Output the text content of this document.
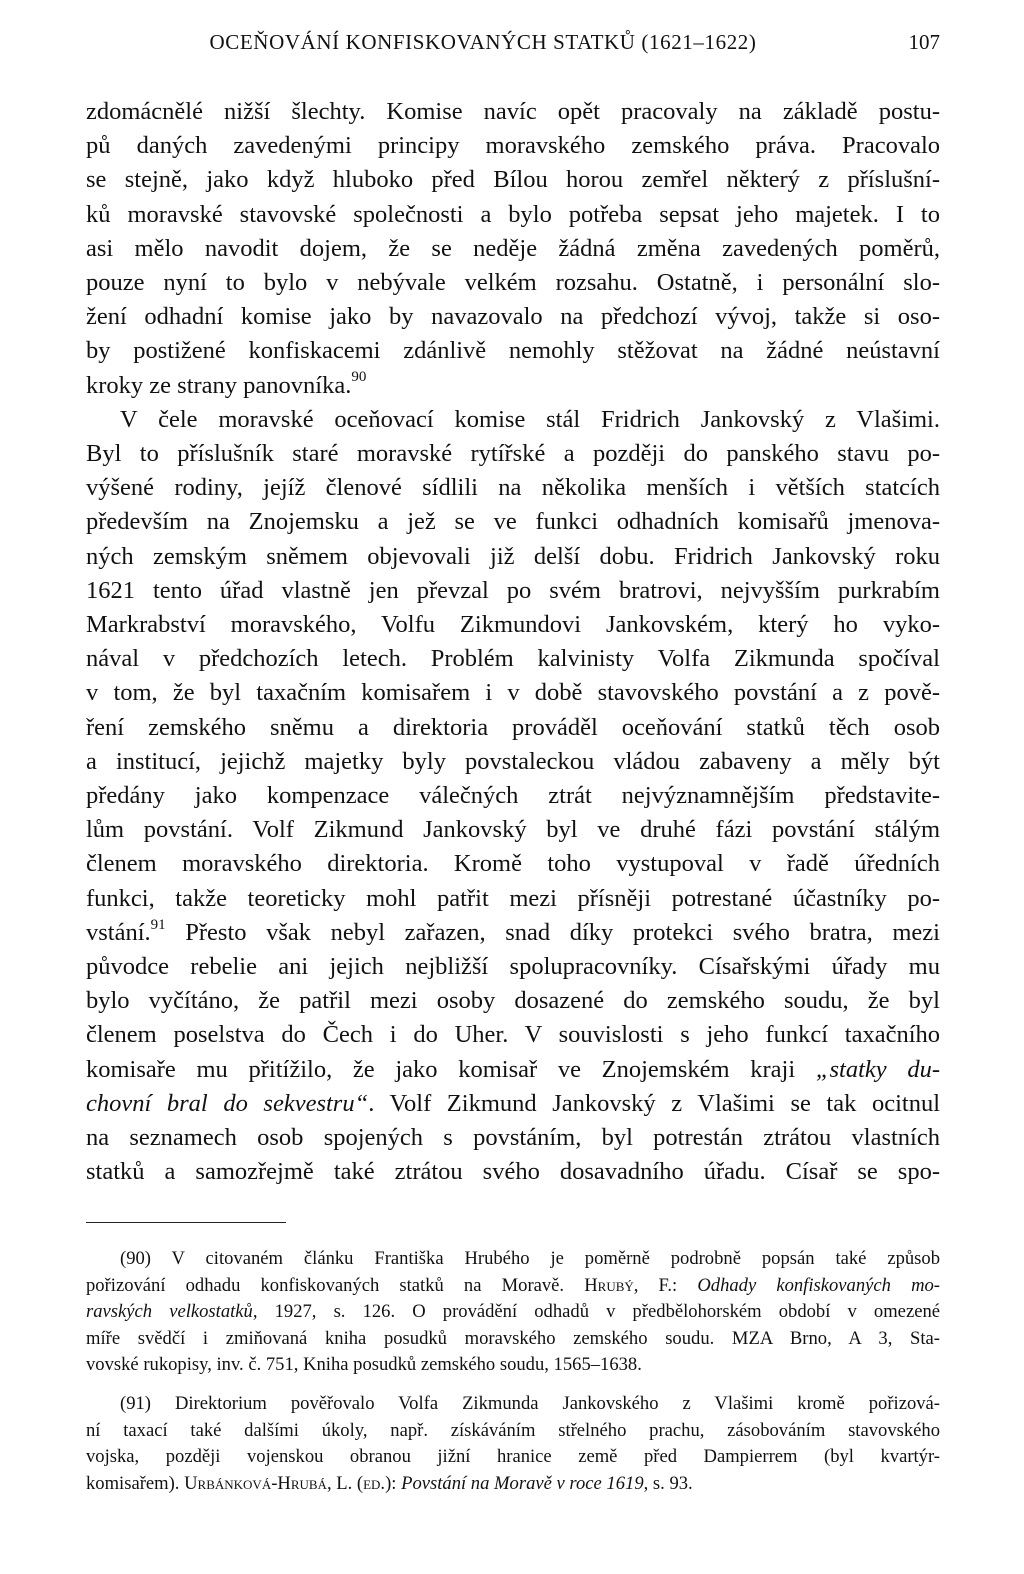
OCEŇOVÁNÍ KONFISKOVANÝCH STATKŮ (1621–1622)	107

zdomácnělé nižší šlechty. Komise navíc opět pracovaly na základě postu-
pů daných zavedenými principy moravského zemského práva. Pracovalo
se stejně, jako když hluboko před Bílou horou zemřel některý z příslušní-
ků moravské stavovské společnosti a bylo potřeba sepsat jeho majetek. I to
asi mělo navodit dojem, že se neděje žádná změna zavedených poměrů,
pouze nyní to bylo v nebývale velkém rozsahu. Ostatně, i personální slo-
žení odhadní komise jako by navazovalo na předchozí vývoj, takže si oso-
by postižené konfiskacemi zdánlivě nemohly stěžovat na žádné neústavní
kroky ze strany panovníka.$^{90}$

V čele moravské oceňovací komise stál Fridrich Jankovský z Vlašimi.
Byl to příslušník staré moravské rytířské a později do panského stavu po-
výšené rodiny, jejíž členové sídlili na několika menších i větších statcích
především na Znojemsku a jež se ve funkci odhadních komisařů jmenova-
ných zemským sněmem objevovali již delší dobu. Fridrich Jankovský roku
1621 tento úřad vlastně jen převzal po svém bratrovi, nejvyšším purkrabím
Markrabství moravského, Volfu Zikmundovi Jankovském, který ho vyko-
nával v předchozích letech. Problém kalvinisty Volfa Zikmunda spočíval
v tom, že byl taxačním komisařem i v době stavovského povstání a z pově-
ření zemského sněmu a direktoria prováděl oceňování statků těch osob
a institucí, jejichž majetky byly povstaleckou vládou zabaveny a měly být
předány jako kompenzace válečných ztrát nejvýznamnějším představite-
lům povstání. Volf Zikmund Jankovský byl ve druhé fázi povstání stálým
členem moravského direktoria. Kromě toho vystupoval v řadě úředních
funkci, takže teoreticky mohl patřit mezi přísněji potrestané účastníky po-
vstání.$^{91}$ Přesto však nebyl zařazen, snad díky protekci svého bratra, mezi
původce rebelie ani jejich nejbližší spolupracovníky. Císařskými úřady mu
bylo vyčítáno, že patřil mezi osoby dosazené do zemského soudu, že byl
členem poselstva do Čech i do Uher. V souvislosti s jeho funkcí taxačního
komisaře mu přitížilo, že jako komisař ve Znojemském kraji „statky du-
chovní bral do sekvestru“. Volf Zikmund Jankovský z Vlašimi se tak ocitnul
na seznamech osob spojených s povstáním, byl potrestán ztrátou vlastních
statků a samozřejmě také ztrátou svého dosavadního úřadu. Císař se spo-

(90) V citovaném článku Františka Hrubého je poměrně podrobně popsán také způsob
pořizování odhadu konfiskovaných statků na Moravě. Hrubý, F.: Odhady konfiskovaných mo-
ravských velkostatků, 1927, s. 126. O provádění odhadů v předbělohorském období v omezené
míře svědčí i zmiňovaná kniha posudků moravského zemského soudu. MZA Brno, A 3, Sta-
vovské rukopisy, inv. č. 751, Kniha posudků zemského soudu, 1565–1638.
(91) Direktorium pověřovalo Volfa Zikmunda Jankovského z Vlašimi kromě pořizová-
ní taxací také dalšími úkoly, např. získáváním střelného prachu, zásobováním stavovského
vojska, později vojenskou obranou jižní hranice země před Dampierrem (byl kvartýr-
komisařem). Urbánková-Hrubá, L. (ed.): Povstání na Moravě v roce 1619, s. 93.
